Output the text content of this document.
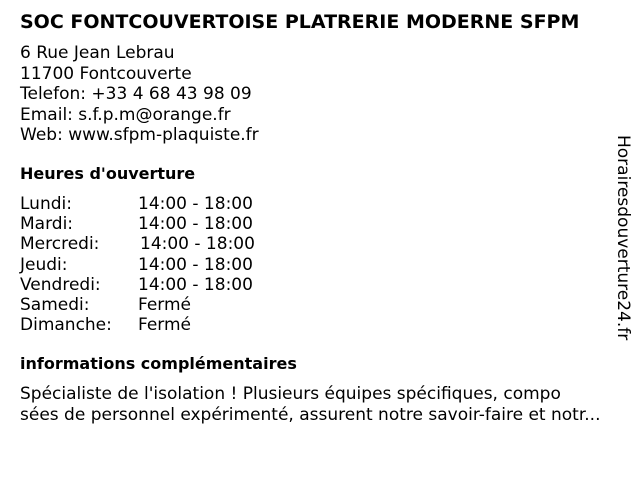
SOC FONTCOUVERTOISE PLATRERIE MODERNE SFPM
6 Rue Jean Lebrau
11700 Fontcouverte
Telefon: +33 4 68 43 98 09
Email: s.f.p.m@orange.fr
Web: www.sfpm-plaquiste.fr
Heures d'ouverture
Lundi:	14:00 - 18:00
Mardi:	14:00 - 18:00
Mercredi:	14:00 - 18:00
Jeudi:	14:00 - 18:00
Vendredi:	14:00 - 18:00
Samedi:	Fermé
Dimanche:	Fermé
informations complémentaires
Spécialiste de l'isolation ! Plusieurs équipes spécifiques, compo
sées de personnel expérimenté, assurent notre savoir-faire et notr...
Horairesdouverture24.fr
